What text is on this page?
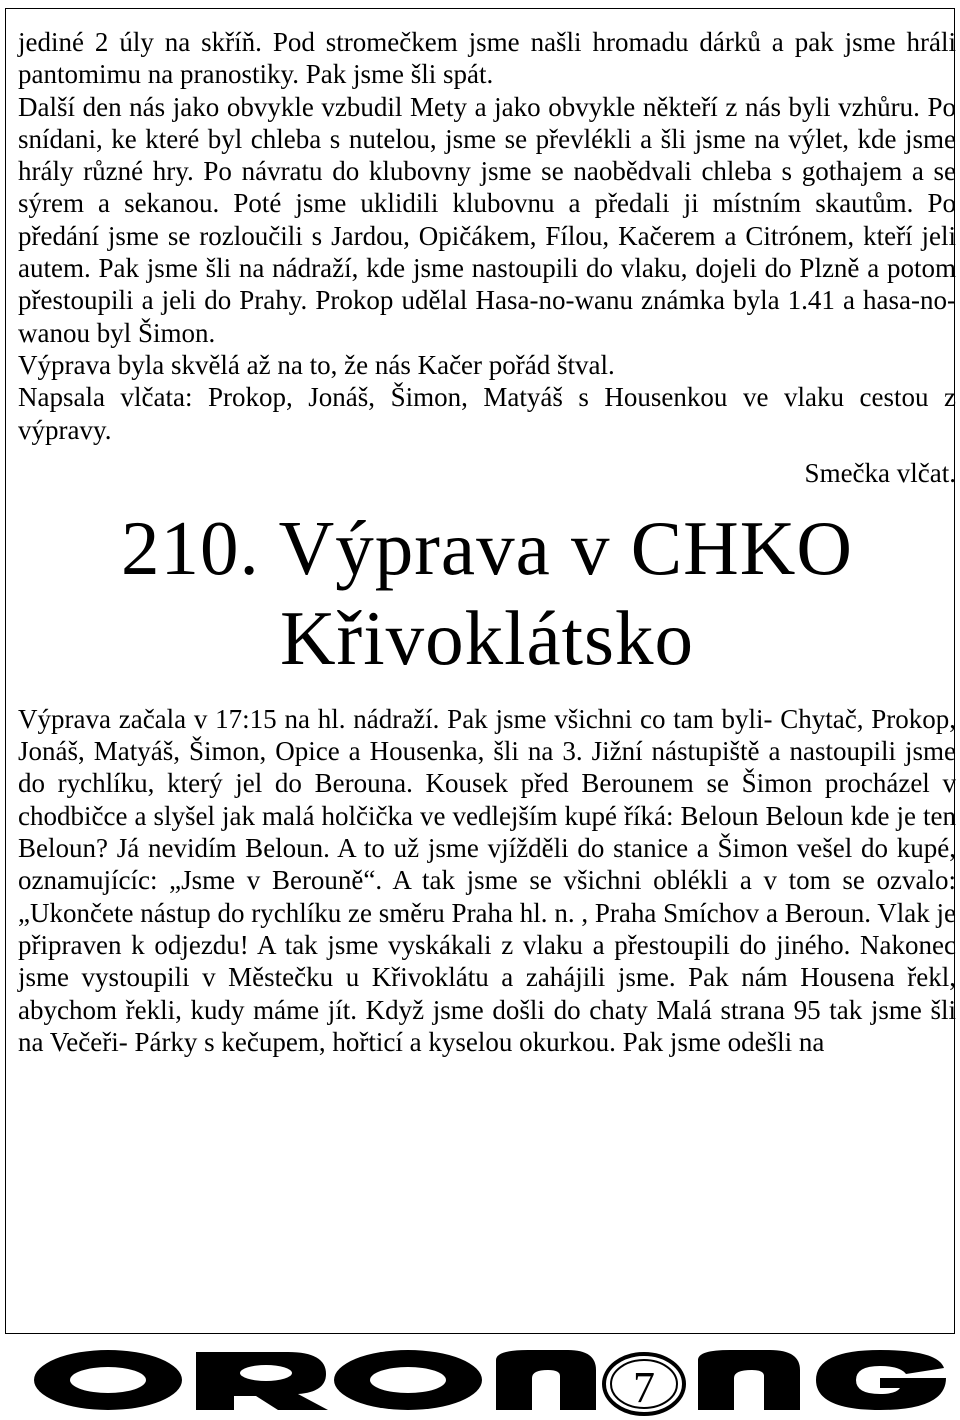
jediné 2 úly na skříň. Pod stromečkem jsme našli hromadu dárků a pak jsme hráli pantomimu na pranostiky. Pak jsme šli spát.

Další den nás jako obvykle vzbudil Mety a jako obvykle někteří z nás byli vzhůru. Po snídani, ke které byl chleba s nutelou, jsme se převlékli a šli jsme na výlet, kde jsme hrály různé hry. Po návratu do klubovny jsme se naobědvali chleba s gothajem a se sýrem a sekanou. Poté jsme uklidili klubovnu a předali ji místním skautům. Po předání jsme se rozloučili s Jardou, Opičákem, Fílou, Kačerem a Citrónem, kteří jeli autem. Pak jsme šli na nádraží, kde jsme nastoupili do vlaku, dojeli do Plzně a potom přestoupili a jeli do Prahy. Prokop udělal Hasa-no-wanu známka byla 1.41 a hasa-no-wanou byl Šimon.

Výprava byla skvělá až na to, že nás Kačer pořád štval.

Napsala vlčata: Prokop, Jonáš, Šimon, Matyáš s Housenkou ve vlaku cestou z výpravy.

Smečka vlčat.

210. Výprava v CHKO
Křivoklátsko

Výprava začala v 17:15 na hl. nádraží. Pak jsme všichni co tam byli- Chytač, Prokop, Jonáš, Matyáš, Šimon, Opice a Housenka, šli na 3. Jižní nástupiště a nastoupili jsme do rychlíku, který jel do Berouna. Kousek před Berounem se Šimon procházel v chodbičce a slyšel jak malá holčička ve vedlejším kupé říká: Beloun Beloun kde je ten Beloun? Já nevidím Beloun. A to už jsme vjížděli do stanice a Šimon vešel do kupé, oznamujícíc: „Jsme v Berouně“. A tak jsme se všichni oblékli a v tom se ozvalo: „Ukončete nástup do rychlíku ze směru Praha hl. n. , Praha Smíchov a Beroun. Vlak je připraven k odjezdu! A tak jsme vyskákali z vlaku a přestoupili do jiného. Nakonec jsme vystoupili v Městečku u Křivoklátu a zahájili jsme. Pak nám Housena řekl, abychom řekli, kudy máme jít. Když jsme došli do chaty Malá strana 95 tak jsme šli na Večeři- Párky s kečupem, hořticí a kyselou okurkou. Pak jsme odešli na

7
